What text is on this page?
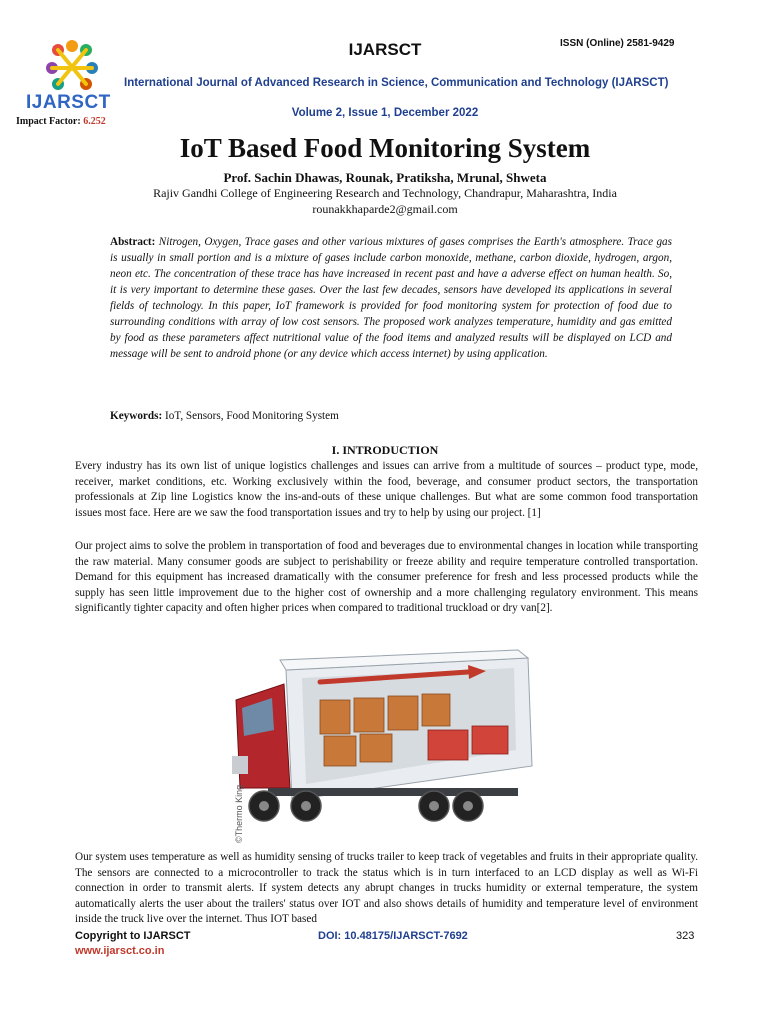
IJARSCT
Impact Factor: 6.252
IJARSCT	ISSN (Online) 2581-9429
International Journal of Advanced Research in Science, Communication and Technology (IJARSCT)
Volume 2, Issue 1, December 2022
IoT Based Food Monitoring System
Prof. Sachin Dhawas, Rounak, Pratiksha, Mrunal, Shweta
Rajiv Gandhi College of Engineering Research and Technology, Chandrapur, Maharashtra, India
rounakkhaparde2@gmail.com
Abstract: Nitrogen, Oxygen, Trace gases and other various mixtures of gases comprises the Earth's atmosphere. Trace gas is usually in small portion and is a mixture of gases include carbon monoxide, methane, carbon dioxide, hydrogen, argon, neon etc. The concentration of these trace has have increased in recent past and have a adverse effect on human health. So, it is very important to determine these gases. Over the last few decades, sensors have developed its applications in several fields of technology. In this paper, IoT framework is provided for food monitoring system for protection of food due to surrounding conditions with array of low cost sensors. The proposed work analyzes temperature, humidity and gas emitted by food as these parameters affect nutritional value of the food items and analyzed results will be displayed on LCD and message will be sent to android phone (or any device which access internet) by using application.
Keywords: IoT, Sensors, Food Monitoring System
I. INTRODUCTION
Every industry has its own list of unique logistics challenges and issues can arrive from a multitude of sources – product type, mode, receiver, market conditions, etc. Working exclusively within the food, beverage, and consumer product sectors, the transportation professionals at Zip line Logistics know the ins-and-outs of these unique challenges. But what are some common food transportation issues most face. Here are we saw the food transportation issues and try to help by using our project. [1]
Our project aims to solve the problem in transportation of food and beverages due to environmental changes in location while transporting the raw material. Many consumer goods are subject to perishability or freeze ability and require temperature controlled transportation. Demand for this equipment has increased dramatically with the consumer preference for fresh and less processed products while the supply has seen little improvement due to the higher cost of ownership and a more challenging regulatory environment. This means significantly tighter capacity and often higher prices when compared to traditional truckload or dry van[2].
©Thermo King
Our system uses temperature as well as humidity sensing of trucks trailer to keep track of vegetables and fruits in their appropriate quality. The sensors are connected to a microcontroller to track the status which is in turn interfaced to an LCD display as well as Wi-Fi connection in order to transmit alerts. If system detects any abrupt changes in trucks humidity or external temperature, the system automatically alerts the user about the trailers' status over IOT and also shows details of humidity and temperature level of environment inside the truck live over the internet. Thus IOT based
Copyright to IJARSCT
www.ijarsct.co.in
DOI: 10.48175/IJARSCT-7692	323
